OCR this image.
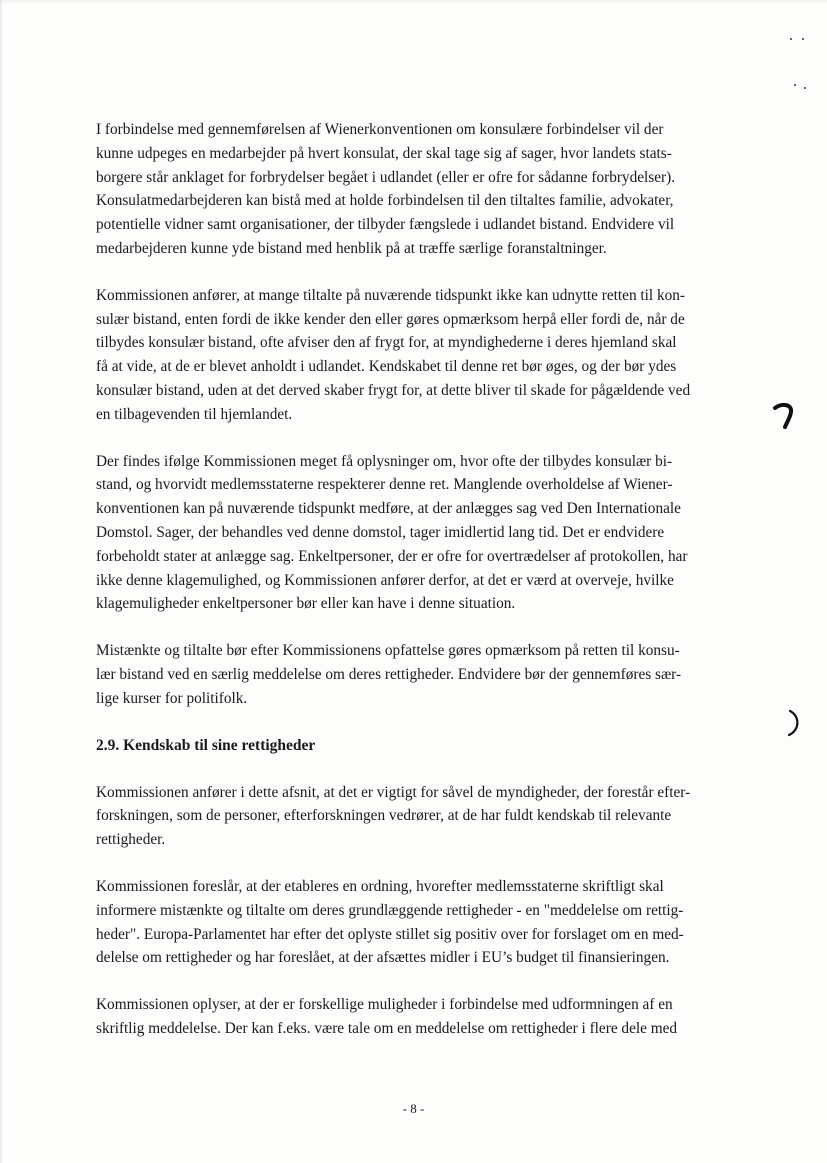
I forbindelse med gennemførelsen af Wienerkonventionen om konsulære forbindelser vil der
kunne udpeges en medarbejder på hvert konsulat, der skal tage sig af sager, hvor landets stats-
borgere står anklaget for forbrydelser begået i udlandet (eller er ofre for sådanne forbrydelser).
Konsulatmedarbejderen kan bistå med at holde forbindelsen til den tiltaltes familie, advokater,
potentielle vidner samt organisationer, der tilbyder fængslede i udlandet bistand. Endvidere vil
medarbejderen kunne yde bistand med henblik på at træffe særlige foranstaltninger.

Kommissionen anfører, at mange tiltalte på nuværende tidspunkt ikke kan udnytte retten til kon-
sulær bistand, enten fordi de ikke kender den eller gøres opmærksom herpå eller fordi de, når de
tilbydes konsulær bistand, ofte afviser den af frygt for, at myndighederne i deres hjemland skal
få at vide, at de er blevet anholdt i udlandet. Kendskabet til denne ret bør øges, og der bør ydes
konsulær bistand, uden at det derved skaber frygt for, at dette bliver til skade for pågældende ved
en tilbagevenden til hjemlandet.

Der findes ifølge Kommissionen meget få oplysninger om, hvor ofte der tilbydes konsulær bi-
stand, og hvorvidt medlemsstaterne respekterer denne ret. Manglende overholdelse af Wiener-
konventionen kan på nuværende tidspunkt medføre, at der anlægges sag ved Den Internationale
Domstol. Sager, der behandles ved denne domstol, tager imidlertid lang tid. Det er endvidere
forbeholdt stater at anlægge sag. Enkeltpersoner, der er ofre for overtrædelser af protokollen, har
ikke denne klagemulighed, og Kommissionen anfører derfor, at det er værd at overveje, hvilke
klagemuligheder enkeltpersoner bør eller kan have i denne situation.

Mistænkte og tiltalte bør efter Kommissionens opfattelse gøres opmærksom på retten til konsu-
lær bistand ved en særlig meddelelse om deres rettigheder. Endvidere bør der gennemføres sær-
lige kurser for politifolk.

2.9. Kendskab til sine rettigheder

Kommissionen anfører i dette afsnit, at det er vigtigt for såvel de myndigheder, der forestår efter-
forskningen, som de personer, efterforskningen vedrører, at de har fuldt kendskab til relevante
rettigheder.

Kommissionen foreslår, at der etableres en ordning, hvorefter medlemsstaterne skriftligt skal
informere mistænkte og tiltalte om deres grundlæggende rettigheder - en "meddelelse om rettig-
heder". Europa-Parlamentet har efter det oplyste stillet sig positiv over for forslaget om en med-
delelse om rettigheder og har foreslået, at der afsættes midler i EU’s budget til finansieringen.

Kommissionen oplyser, at der er forskellige muligheder i forbindelse med udformningen af en
skriftlig meddelelse. Der kan f.eks. være tale om en meddelelse om rettigheder i flere dele med

- 8 -
